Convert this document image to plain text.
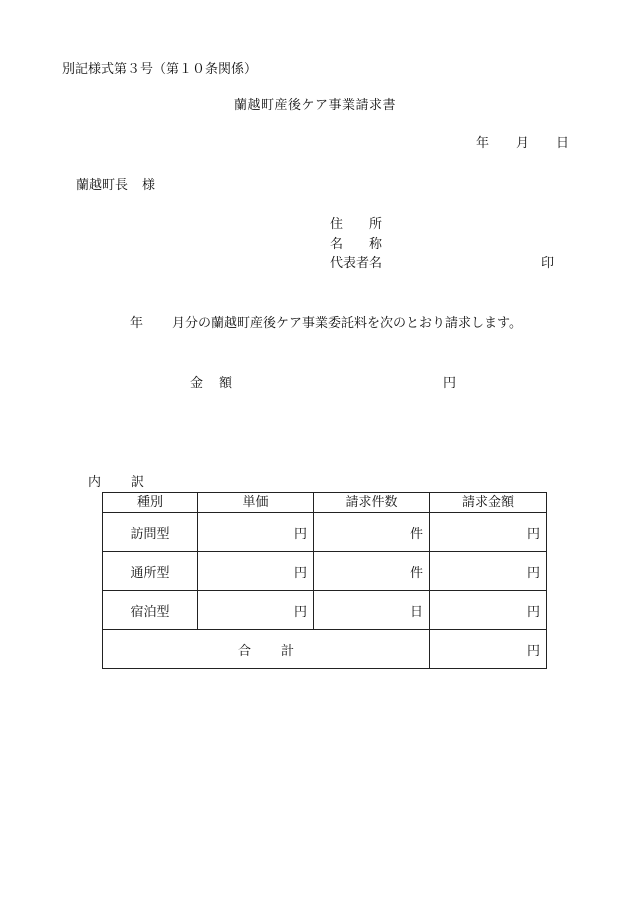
別記様式第３号（第１０条関係）
蘭越町産後ケア事業請求書
年 月 日
蘭越町長 様
住 所
名 称
代表者名	印
年 月分の蘭越町産後ケア事業委託料を次のとおり請求します。
金 額	円
内 訳
種別	単価	請求件数	請求金額
訪問型	円	件	円
通所型	円	件	円
宿泊型	円	日	円
合 計			円
